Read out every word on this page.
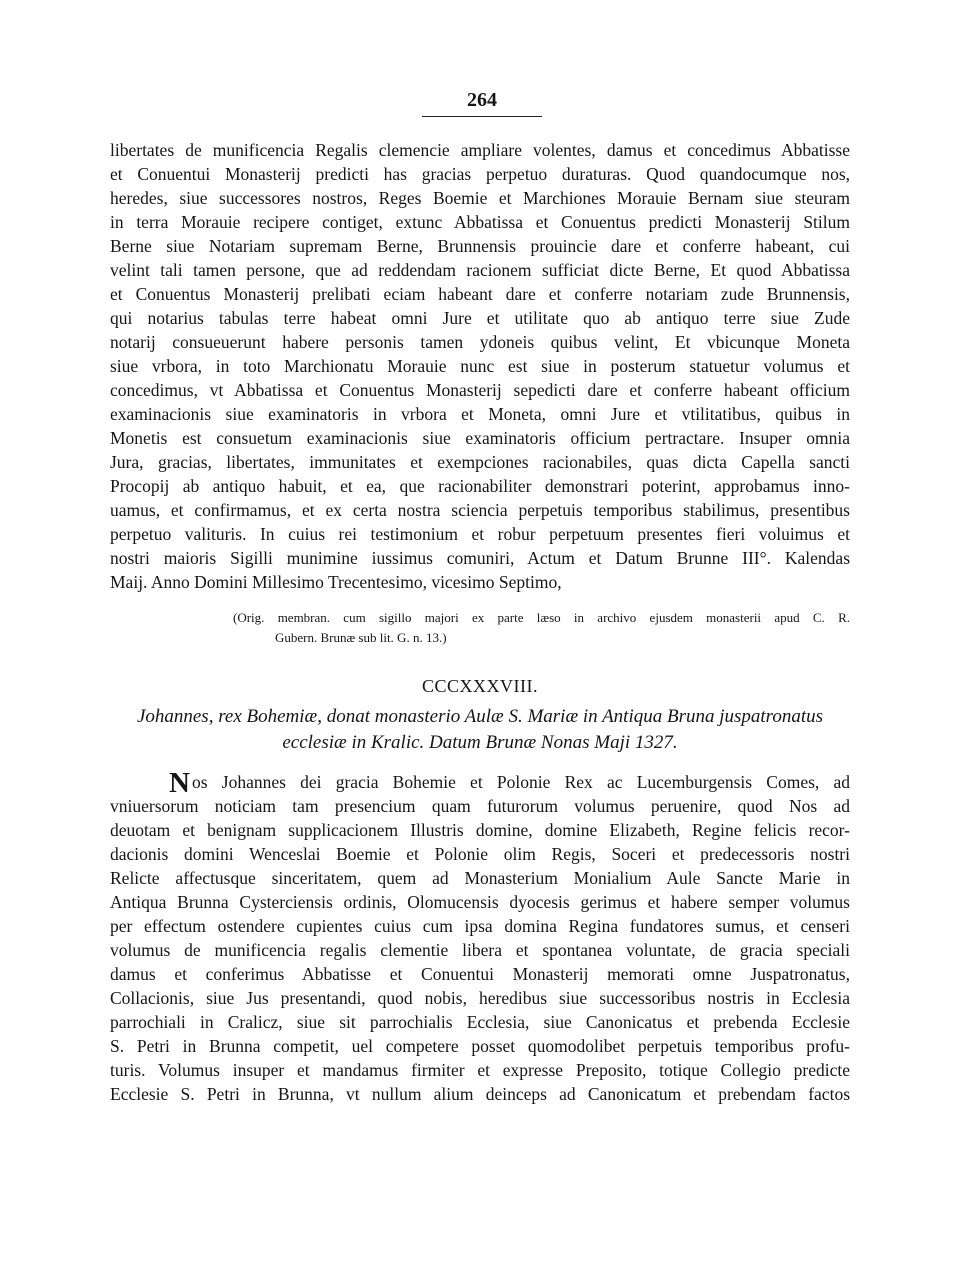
264
libertates de munificencia Regalis clemencie ampliare volentes, damus et concedimus Abbatisse
et Conuentui Monasterij predicti has gracias perpetuo duraturas. Quod quandocumque nos,
heredes, siue successores nostros, Reges Boemie et Marchiones Morauie Bernam siue steuram
in terra Morauie recipere contiget, extunc Abbatissa et Conuentus predicti Monasterij Stilum
Berne siue Notariam supremam Berne, Brunnensis prouincie dare et conferre habeant, cui
velint tali tamen persone, que ad reddendam racionem sufficiat dicte Berne, Et quod Abbatissa
et Conuentus Monasterij prelibati eciam habeant dare et conferre notariam zude Brunnensis,
qui notarius tabulas terre habeat omni Jure et utilitate quo ab antiquo terre siue Zude
notarij consueuerunt habere personis tamen ydoneis quibus velint, Et vbicunque Moneta
siue vrbora, in toto Marchionatu Morauie nunc est siue in posterum statuetur volumus et
concedimus, vt Abbatissa et Conuentus Monasterij sepedicti dare et conferre habeant officium
examinacionis siue examinatoris in vrbora et Moneta, omni Jure et vtilitatibus, quibus in
Monetis est consuetum examinacionis siue examinatoris officium pertractare. Insuper omnia
Jura, gracias, libertates, immunitates et exempciones racionabiles, quas dicta Capella sancti
Procopij ab antiquo habuit, et ea, que racionabiliter demonstrari poterint, approbamus inno-
uamus, et confirmamus, et ex certa nostra sciencia perpetuis temporibus stabilimus, presentibus
perpetuo valituris. In cuius rei testimonium et robur perpetuum presentes fieri voluimus et
nostri maioris Sigilli munimine iussimus comuniri, Actum et Datum Brunne III°. Kalendas
Maij. Anno Domini Millesimo Trecentesimo, vicesimo Septimo,
(Orig. membran. cum sigillo majori ex parte læso in archivo ejusdem monasterii apud C. R.
Gubern. Brunæ sub lit. G. n. 13.)
CCCXXXVIII.
Johannes, rex Bohemiæ, donat monasterio Aulæ S. Mariæ in Antiqua Bruna juspatronatus
ecclesiæ in Kralic. Datum Brunæ Nonas Maji 1327.
N os Johannes dei gracia Bohemie et Polonie Rex ac Lucemburgensis Comes, ad
vniuersorum noticiam tam presencium quam futurorum volumus peruenire, quod Nos ad
deuotam et benignam supplicacionem Illustris domine, domine Elizabeth, Regine felicis recor-
dacionis domini Wenceslai Boemie et Polonie olim Regis, Soceri et predecessoris nostri
Relicte affectusque sinceritatem, quem ad Monasterium Monialium Aule Sancte Marie in
Antiqua Brunna Cysterciensis ordinis, Olomucensis dyocesis gerimus et habere semper volumus
per effectum ostendere cupientes cuius cum ipsa domina Regina fundatores sumus, et censeri
volumus de munificencia regalis clementie libera et spontanea voluntate, de gracia speciali
damus et conferimus Abbatisse et Conuentui Monasterij memorati omne Juspatronatus,
Collacionis, siue Jus presentandi, quod nobis, heredibus siue successoribus nostris in Ecclesia
parrochiali in Cralicz, siue sit parrochialis Ecclesia, siue Canonicatus et prebenda Ecclesie
S. Petri in Brunna competit, uel competere posset quomodolibet perpetuis temporibus profu-
turis. Volumus insuper et mandamus firmiter et expresse Preposito, totique Collegio predicte
Ecclesie S. Petri in Brunna, vt nullum alium deinceps ad Canonicatum et prebendam factos
